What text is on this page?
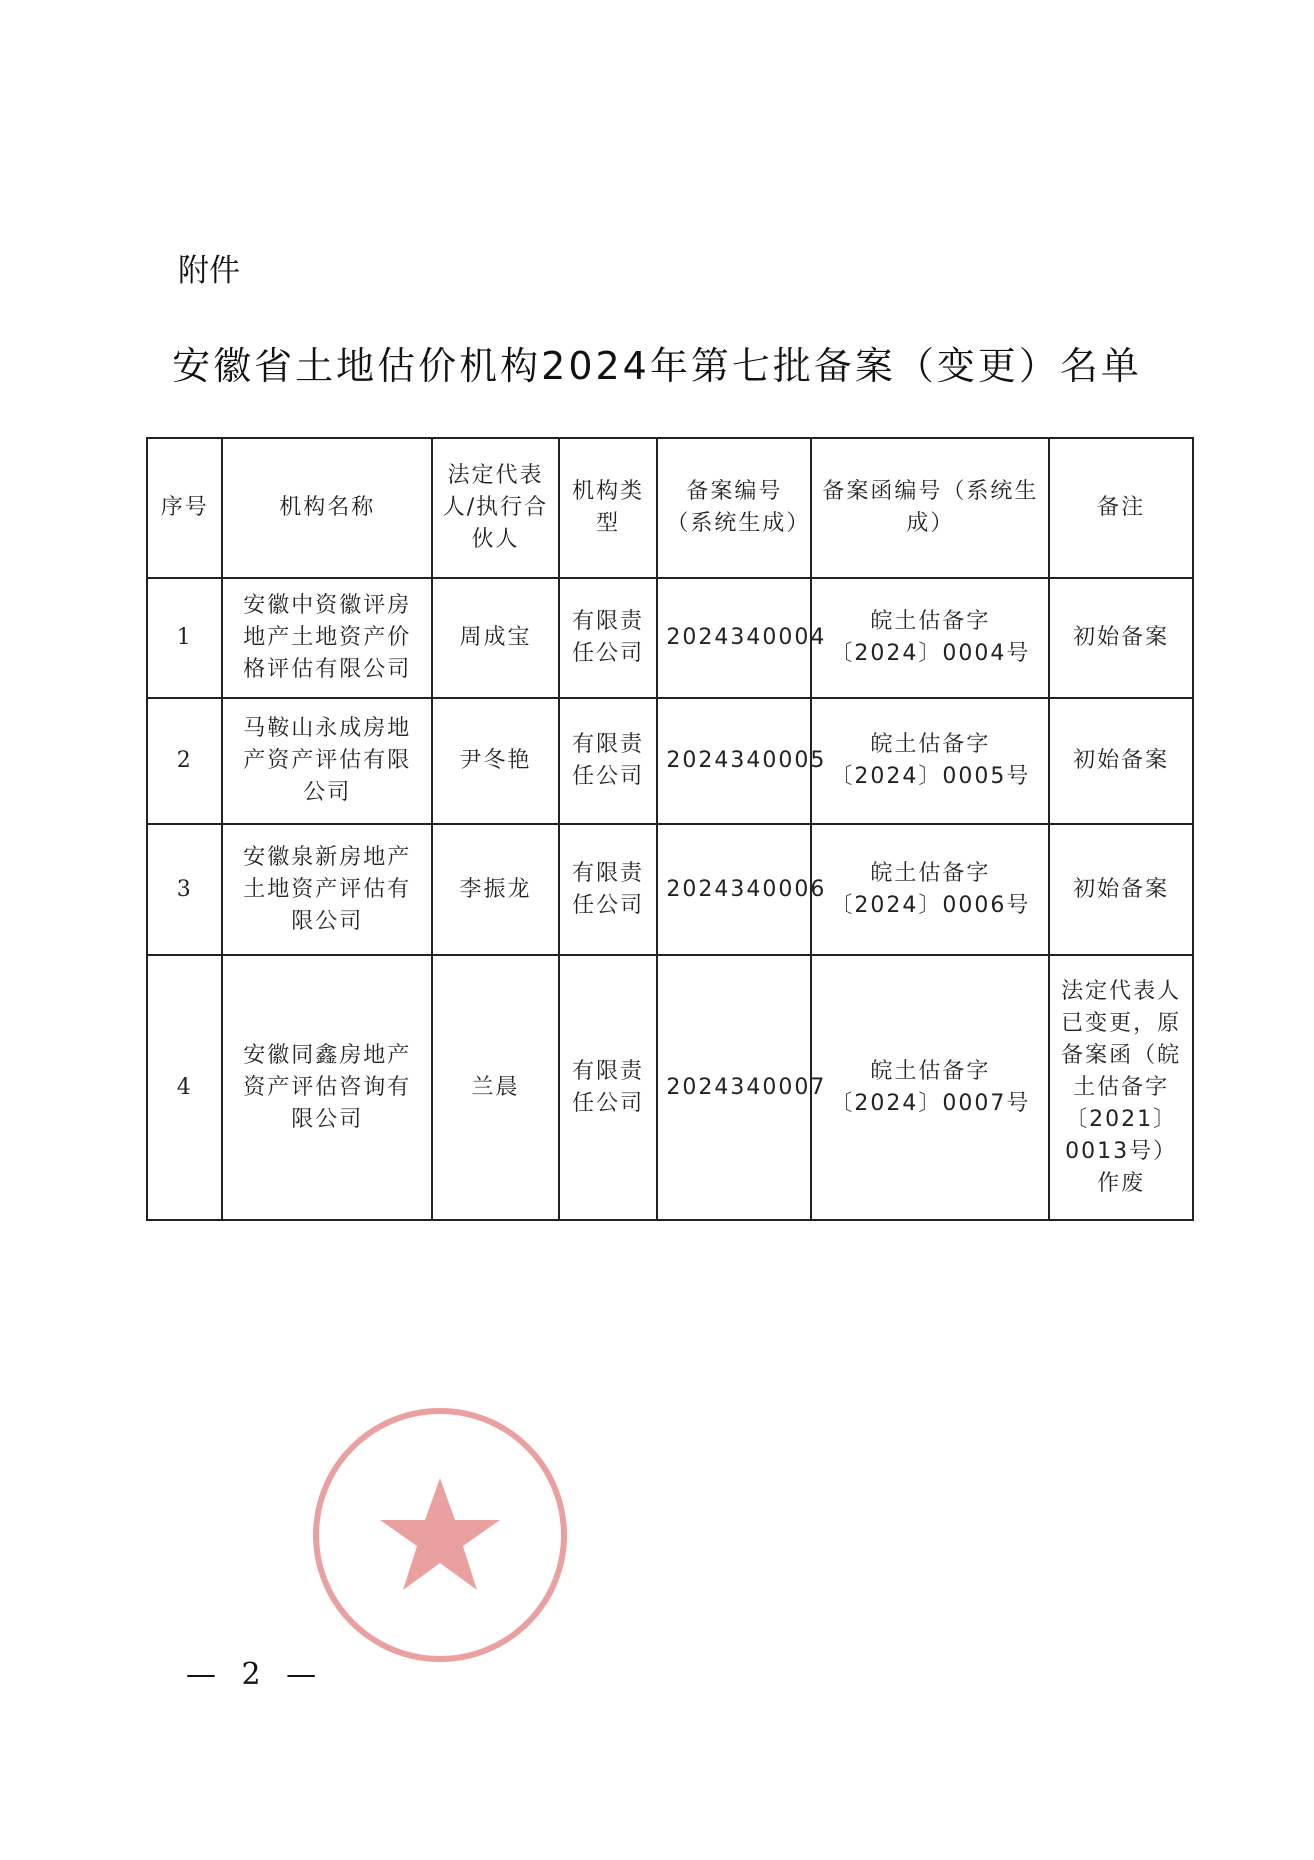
附件
安徽省土地估价机构2024年第七批备案（变更）名单
序号	机构名称	法定代表人/执行合伙人	机构类型	备案编号（系统生成）	备案函编号（系统生成）	备注
1	安徽中资徽评房地产土地资产价格评估有限公司	周成宝	有限责任公司	2024340004	皖土估备字〔2024〕0004号	初始备案
2	马鞍山永成房地产资产评估有限公司	尹冬艳	有限责任公司	2024340005	皖土估备字〔2024〕0005号	初始备案
3	安徽泉新房地产土地资产评估有限公司	李振龙	有限责任公司	2024340006	皖土估备字〔2024〕0006号	初始备案
4	安徽同鑫房地产资产评估咨询有限公司	兰晨	有限责任公司	2024340007	皖土估备字〔2024〕0007号	法定代表人已变更，原备案函（皖土估备字〔2021〕0013号）作废
— 2 —
